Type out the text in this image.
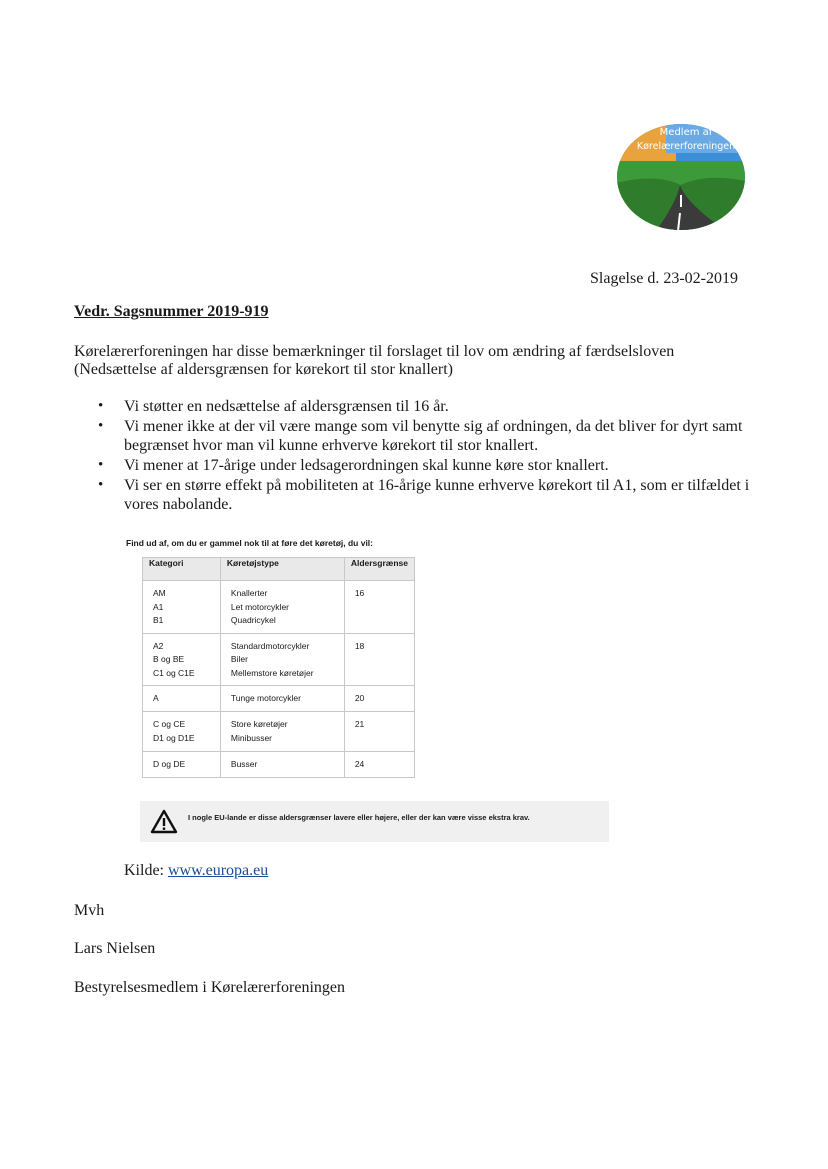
Medlem af
Kørelærerforeningen
Slagelse d. 23-02-2019
Vedr. Sagsnummer 2019-919
Kørelærerforeningen har disse bemærkninger til forslaget til lov om ændring af færdselsloven (Nedsættelse af aldersgrænsen for kørekort til stor knallert)
• Vi støtter en nedsættelse af aldersgrænsen til 16 år.
• Vi mener ikke at der vil være mange som vil benytte sig af ordningen, da det bliver for dyrt samt begrænset hvor man vil kunne erhverve kørekort til stor knallert.
• Vi mener at 17-årige under ledsagerordningen skal kunne køre stor knallert.
• Vi ser en større effekt på mobiliteten at 16-årige kunne erhverve kørekort til A1, som er tilfældet i vores nabolande.
Find ud af, om du er gammel nok til at føre det køretøj, du vil:
Kategori	Køretøjstype	Aldersgrænse

AM
A1
B1	Knallerter
Let motorcykler
Quadricykel	16

A2
B og BE
C1 og C1E	Standardmotorcykler
Biler
Mellemstore køretøjer	18

A	Tunge motorcykler	20

C og CE
D1 og D1E	Store køretøjer
Minibusser	21

D og DE	Busser	24
I nogle EU-lande er disse aldersgrænser lavere eller højere, eller der kan være visse ekstra krav.
Kilde: www.europa.eu
Mvh
Lars Nielsen
Bestyrelsesmedlem i Kørelærerforeningen
